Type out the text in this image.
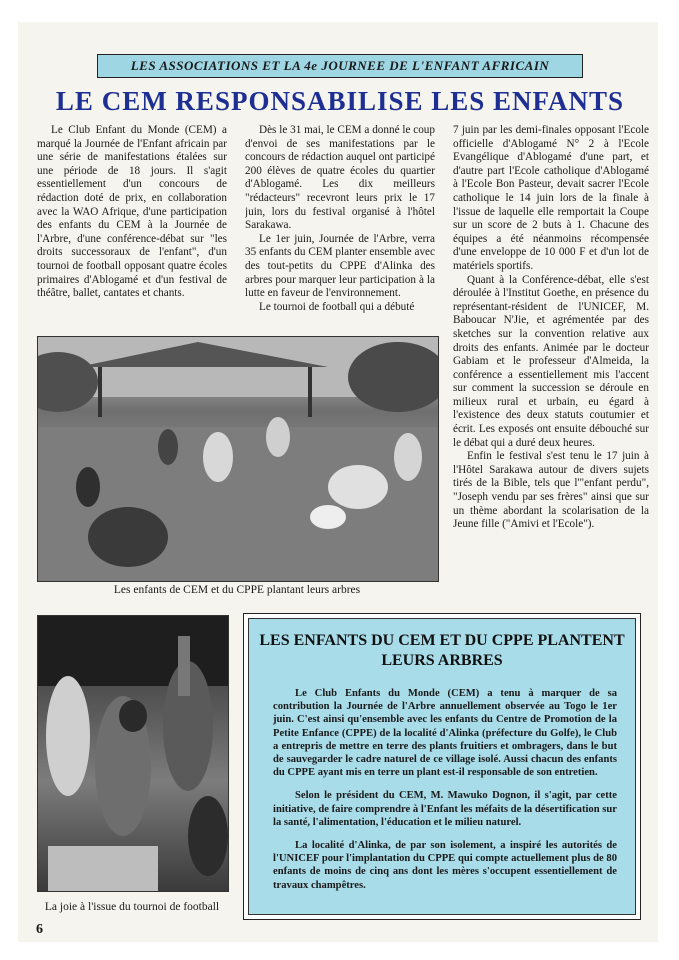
LES ASSOCIATIONS ET LA 4e JOURNEE DE L'ENFANT AFRICAIN
LE CEM RESPONSABILISE LES ENFANTS

Le Club Enfant du Monde (CEM) a marqué la Journée de l'Enfant africain par une série de manifestations étalées sur une période de 18 jours. Il s'agit essentiellement d'un concours de rédaction doté de prix, en collaboration avec la WAO Afrique, d'une participation des enfants du CEM à la Journée de l'Arbre, d'une conférence-débat sur "les droits successoraux de l'enfant", d'un tournoi de football opposant quatre écoles primaires d'Ablogamé et d'un festival de théâtre, ballet, cantates et chants.

Dès le 31 mai, le CEM a donné le coup d'envoi de ses manifestations par le concours de rédaction auquel ont participé 200 élèves de quatre écoles du quartier d'Ablogamé. Les dix meilleurs "rédacteurs" recevront leurs prix le 17 juin, lors du festival organisé à l'hôtel Sarakawa.

Le 1er juin, Journée de l'Arbre, verra 35 enfants du CEM planter ensemble avec des tout-petits du CPPE d'Alinka des arbres pour marquer leur participation à la lutte en faveur de l'environnement.

Le tournoi de football qui a débuté

7 juin par les demi-finales opposant l'Ecole officielle d'Ablogamé N° 2 à l'Ecole Evangélique d'Ablogamé d'une part, et d'autre part l'Ecole catholique d'Ablogamé à l'Ecole Bon Pasteur, devait sacrer l'Ecole catholique le 14 juin lors de la finale à l'issue de laquelle elle remportait la Coupe sur un score de 2 buts à 1. Chacune des équipes a été néanmoins récompensée d'une enveloppe de 10 000 F et d'un lot de matériels sportifs.

Quant à la Conférence-débat, elle s'est déroulée à l'Institut Goethe, en présence du représentant-résident de l'UNICEF, M. Baboucar N'Jie, et agrémentée par des sketches sur la convention relative aux droits des enfants. Animée par le docteur Gabiam et le professeur d'Almeida, la conférence a essentiellement mis l'accent sur comment la succession se déroule en milieux rural et urbain, eu égard à l'existence des deux statuts coutumier et écrit. Les exposés ont ensuite débouché sur le débat qui a duré deux heures.

Enfin le festival s'est tenu le 17 juin à l'Hôtel Sarakawa autour de divers sujets tirés de la Bible, tels que l'"enfant perdu", "Joseph vendu par ses frères" ainsi que sur un thème abordant la scolarisation de la Jeune fille ("Amivi et l'Ecole").

Les enfants de CEM et du CPPE plantant leurs arbres
La joie à l'issue du tournoi de football
LES ENFANTS DU CEM ET DU CPPE PLANTENT LEURS ARBRES

Le Club Enfants du Monde (CEM) a tenu à marquer de sa contribution la Journée de l'Arbre annuellement observée au Togo le 1er juin. C'est ainsi qu'ensemble avec les enfants du Centre de Promotion de la Petite Enfance (CPPE) de la localité d'Alinka (préfecture du Golfe), le Club a entrepris de mettre en terre des plants fruitiers et ombragers, dans le but de sauvegarder le cadre naturel de ce village isolé. Aussi chacun des enfants du CPPE ayant mis en terre un plant est-il responsable de son entretien.

Selon le président du CEM, M. Mawuko Dognon, il s'agit, par cette initiative, de faire comprendre à l'Enfant les méfaits de la désertification sur la santé, l'alimentation, l'éducation et le milieu naturel.

La localité d'Alinka, de par son isolement, a inspiré les autorités de l'UNICEF pour l'implantation du CPPE qui compte actuellement plus de 80 enfants de moins de cinq ans dont les mères s'occupent essentiellement de travaux champêtres.

6
